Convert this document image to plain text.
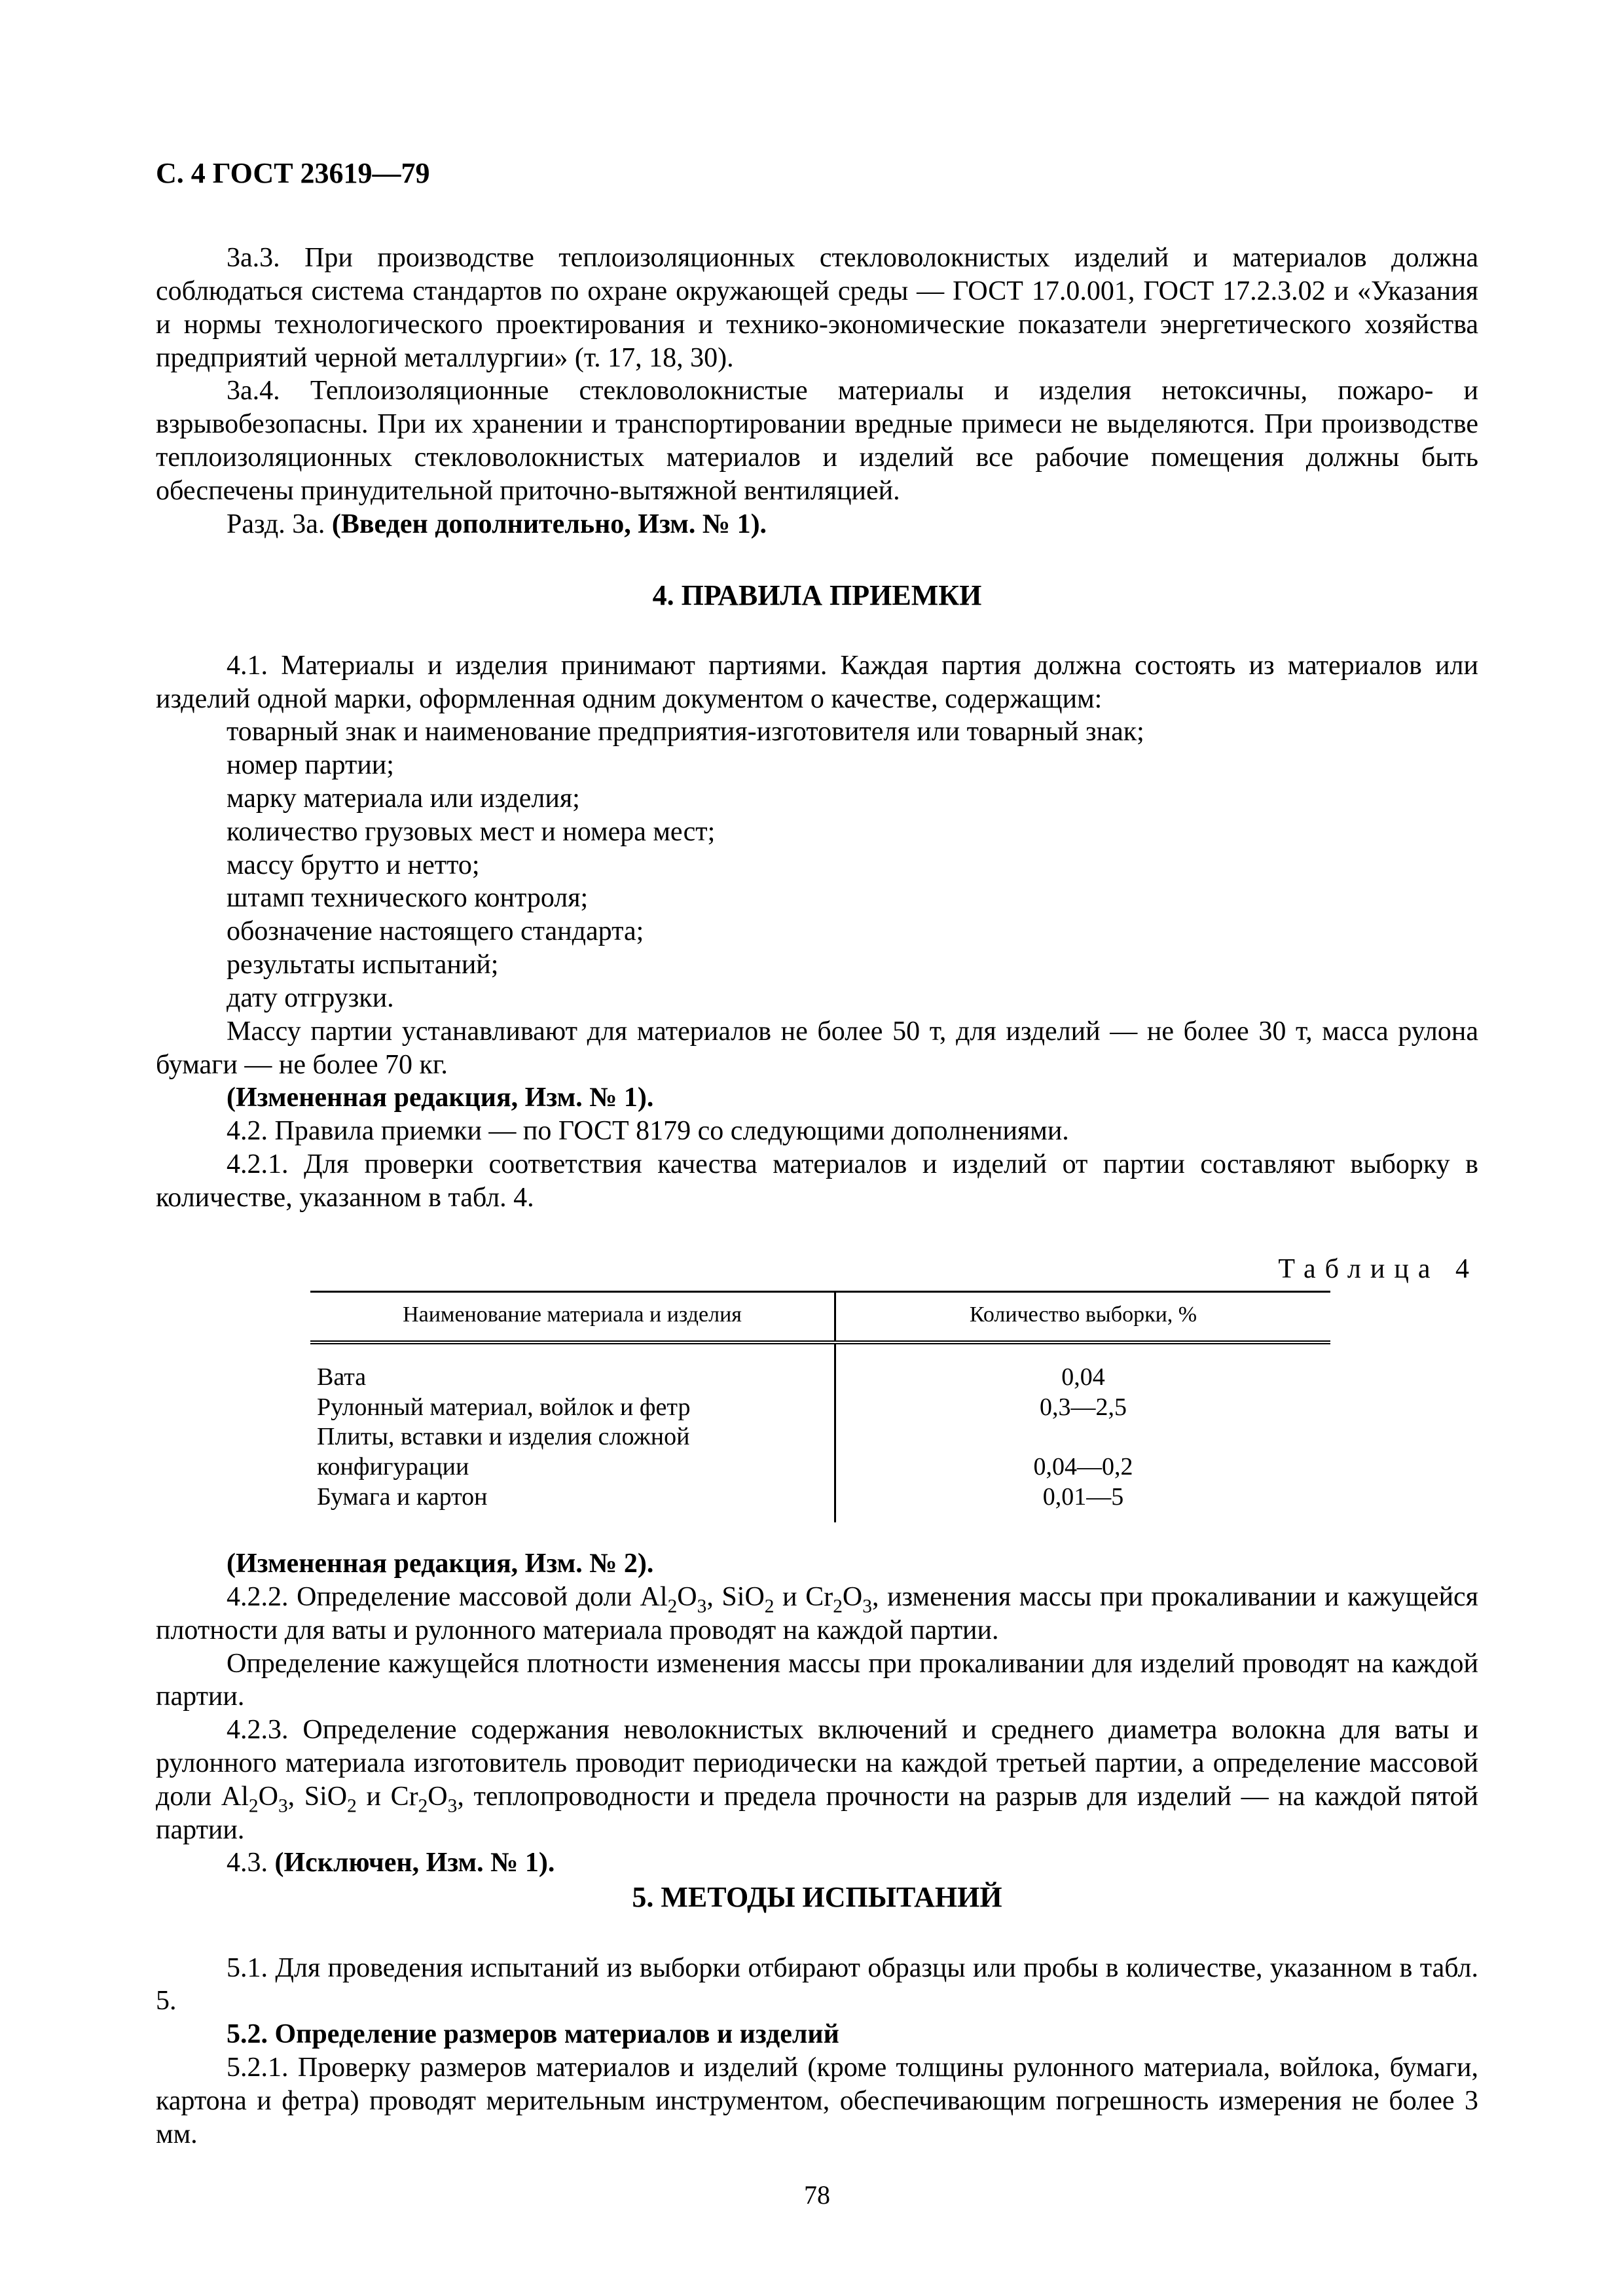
С. 4 ГОСТ 23619—79

3а.3. При производстве теплоизоляционных стекловолокнистых изделий и материалов должна соблюдаться система стандартов по охране окружающей среды — ГОСТ 17.0.001, ГОСТ 17.2.3.02 и «Указания и нормы технологического проектирования и технико-экономические показатели энергетического хозяйства предприятий черной металлургии» (т. 17, 18, 30).

3а.4. Теплоизоляционные стекловолокнистые материалы и изделия нетоксичны, пожаро- и взрывобезопасны. При их хранении и транспортировании вредные примеси не выделяются. При производстве теплоизоляционных стекловолокнистых материалов и изделий все рабочие помещения должны быть обеспечены принудительной приточно-вытяжной вентиляцией.

Разд. 3а. (Введен дополнительно, Изм. № 1).

4. ПРАВИЛА ПРИЕМКИ

4.1. Материалы и изделия принимают партиями. Каждая партия должна состоять из материалов или изделий одной марки, оформленная одним документом о качестве, содержащим:

товарный знак и наименование предприятия-изготовителя или товарный знак;

номер партии;

марку материала или изделия;

количество грузовых мест и номера мест;

массу брутто и нетто;

штамп технического контроля;

обозначение настоящего стандарта;

результаты испытаний;

дату отгрузки.

Массу партии устанавливают для материалов не более 50 т, для изделий — не более 30 т, масса рулона бумаги — не более 70 кг.

(Измененная редакция, Изм. № 1).

4.2. Правила приемки — по ГОСТ 8179 со следующими дополнениями.

4.2.1. Для проверки соответствия качества материалов и изделий от партии составляют выборку в количестве, указанном в табл. 4.

Таблица 4
Наименование материала и изделия	Количество выборки, %
Вата	0,04
Рулонный материал, войлок и фетр	0,3—2,5
Плиты, вставки и изделия сложной	
конфигурации	0,04—0,2
Бумага и картон	0,01—5

(Измененная редакция, Изм. № 2).

4.2.2. Определение массовой доли $Al_2O_3$, SiO$_2$ и $Cr_2O_3$, изменения массы при прокаливании и кажущейся плотности для ваты и рулонного материала проводят на каждой партии.

Определение кажущейся плотности изменения массы при прокаливании для изделий проводят на каждой партии.

4.2.3. Определение содержания неволокнистых включений и среднего диаметра волокна для ваты и рулонного материала изготовитель проводит периодически на каждой третьей партии, а определение массовой доли $Al_2O_3$, SiO$_2$ и $Cr_2O_3$, теплопроводности и предела прочности на разрыв для изделий — на каждой пятой партии.

4.3. (Исключен, Изм. № 1).

5. МЕТОДЫ ИСПЫТАНИЙ

5.1. Для проведения испытаний из выборки отбирают образцы или пробы в количестве, указанном в табл. 5.

5.2. Определение размеров материалов и изделий

5.2.1. Проверку размеров материалов и изделий (кроме толщины рулонного материала, войлока, бумаги, картона и фетра) проводят мерительным инструментом, обеспечивающим погрешность измерения не более 3 мм.

78
